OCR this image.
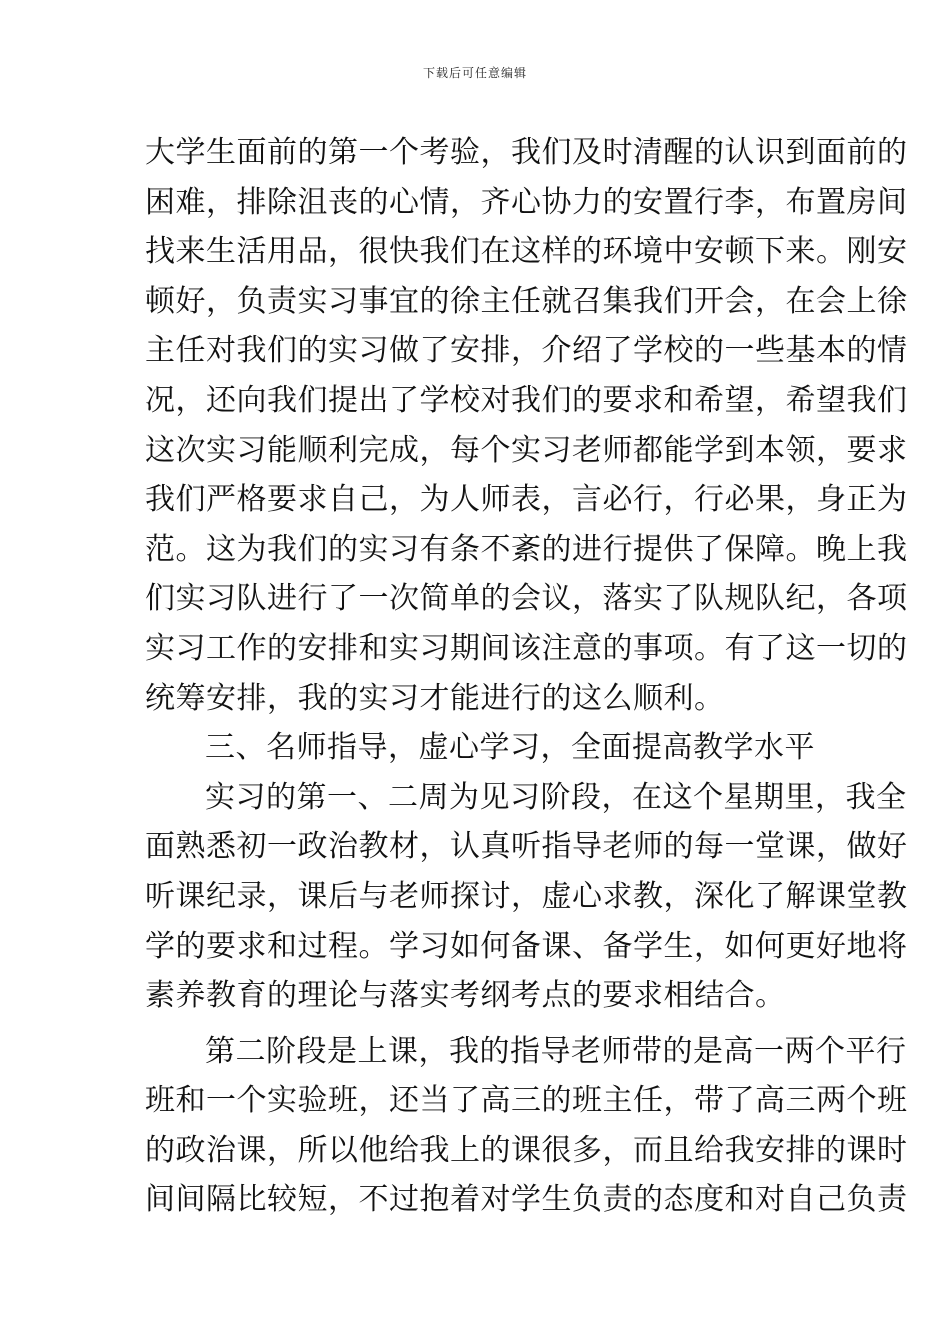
下载后可任意编辑
大学生面前的第一个考验，我们及时清醒的认识到面前的
困难，排除沮丧的心情，齐心协力的安置行李，布置房间
找来生活用品，很快我们在这样的环境中安顿下来。刚安
顿好，负责实习事宜的徐主任就召集我们开会，在会上徐
主任对我们的实习做了安排，介绍了学校的一些基本的情
况，还向我们提出了学校对我们的要求和希望，希望我们
这次实习能顺利完成，每个实习老师都能学到本领，要求
我们严格要求自己，为人师表，言必行，行必果，身正为
范。这为我们的实习有条不紊的进行提供了保障。晚上我
们实习队进行了一次简单的会议，落实了队规队纪，各项
实习工作的安排和实习期间该注意的事项。有了这一切的
统筹安排，我的实习才能进行的这么顺利。
三、名师指导，虚心学习，全面提高教学水平
实习的第一、二周为见习阶段，在这个星期里，我全
面熟悉初一政治教材，认真听指导老师的每一堂课，做好
听课纪录，课后与老师探讨，虚心求教，深化了解课堂教
学的要求和过程。学习如何备课、备学生，如何更好地将
素养教育的理论与落实考纲考点的要求相结合。
第二阶段是上课，我的指导老师带的是高一两个平行
班和一个实验班，还当了高三的班主任，带了高三两个班
的政治课，所以他给我上的课很多，而且给我安排的课时
间间隔比较短，不过抱着对学生负责的态度和对自己负责
